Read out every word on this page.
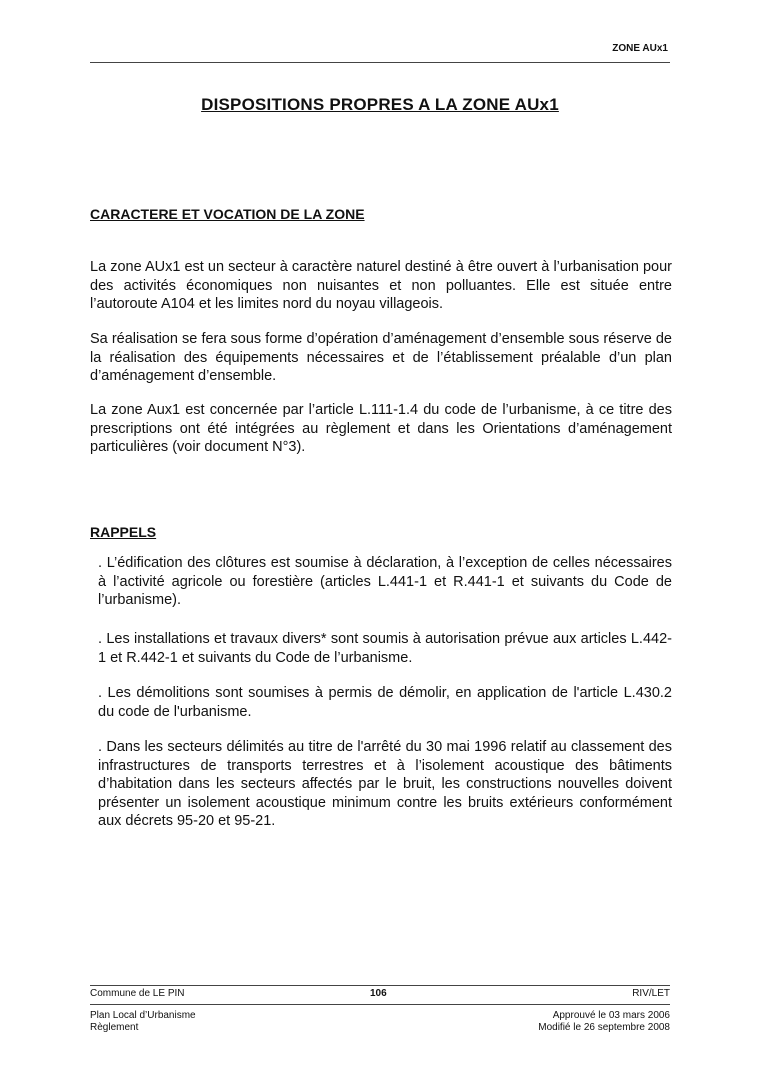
ZONE AUx1
DISPOSITIONS PROPRES A LA ZONE AUx1
CARACTERE ET VOCATION DE LA ZONE

La zone AUx1 est un secteur à caractère naturel destiné à être ouvert à l’urbanisation pour des activités économiques non nuisantes et non polluantes. Elle est située entre l’autoroute A104 et les limites nord du noyau villageois.

Sa réalisation se fera sous forme d’opération d’aménagement d’ensemble sous réserve de la réalisation des équipements nécessaires et de l’établissement préalable d’un plan d’aménagement d’ensemble.

La zone Aux1 est concernée par l’article L.111-1.4 du code de l’urbanisme, à ce titre des prescriptions ont été intégrées au règlement et dans les Orientations d’aménagement particulières (voir document N°3).

RAPPELS

. L’édification des clôtures est soumise à déclaration, à l’exception de celles nécessaires à l’activité agricole ou forestière (articles L.441-1 et R.441-1 et suivants du Code de l’urbanisme).

. Les installations et travaux divers* sont soumis à autorisation prévue aux articles L.442-1 et R.442-1 et suivants du Code de l’urbanisme.

. Les démolitions sont soumises à permis de démolir, en application de l'article L.430.2 du code de l'urbanisme.

. Dans les secteurs délimités au titre de l'arrêté du 30 mai 1996 relatif au classement des infrastructures de transports terrestres et à l’isolement acoustique des bâtiments d’habitation dans les secteurs affectés par le bruit, les constructions nouvelles doivent présenter un isolement acoustique minimum contre les bruits extérieurs conformément aux décrets 95-20 et 95-21.

Commune de LE PIN	106	RIV/LET
Plan Local d’Urbanisme
Règlement
Approuvé le 03 mars 2006
Modifié le 26 septembre 2008
